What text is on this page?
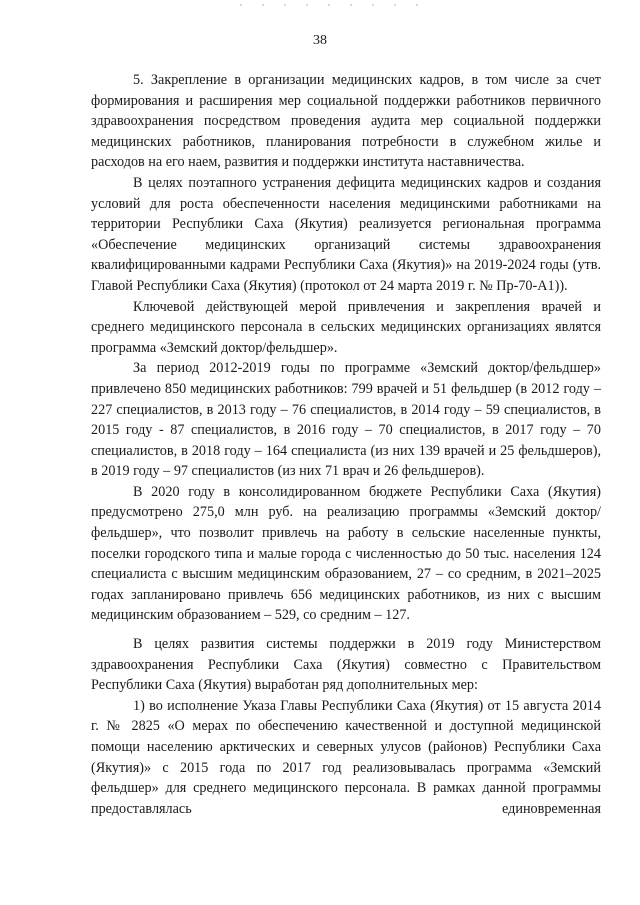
38

5. Закрепление в организации медицинских кадров, в том числе за счет формирования и расширения мер социальной поддержки работников первичного здравоохранения посредством проведения аудита мер социальной поддержки медицинских работников, планирования потребности в служебном жилье и расходов на его наем, развития и поддержки института наставничества.

В целях поэтапного устранения дефицита медицинских кадров и создания условий для роста обеспеченности населения медицинскими работниками на территории Республики Саха (Якутия) реализуется региональная программа «Обеспечение медицинских организаций системы здравоохранения квалифицированными кадрами Республики Саха (Якутия)» на 2019-2024 годы (утв. Главой Республики Саха (Якутия) (протокол от 24 марта 2019 г. № Пр-70-А1)).

Ключевой действующей мерой привлечения и закрепления врачей и среднего медицинского персонала в сельских медицинских организациях являтся программа «Земский доктор/фельдшер».

За период 2012-2019 годы по программе «Земский доктор/фельдшер» привлечено 850 медицинских работников: 799 врачей и 51 фельдшер (в 2012 году – 227 специалистов, в 2013 году – 76 специалистов, в 2014 году – 59 специалистов, в 2015 году - 87 специалистов, в 2016 году – 70 специалистов, в 2017 году – 70 специалистов, в 2018 году – 164 специалиста (из них 139 врачей и 25 фельдшеров), в 2019 году – 97 специалистов (из них 71 врач и 26 фельдшеров).

В 2020 году в консолидированном бюджете Республики Саха (Якутия) предусмотрено 275,0 млн руб. на реализацию программы «Земский доктор/фельдшер», что позволит привлечь на работу в сельские населенные пункты, поселки городского типа и малые города с численностью до 50 тыс. населения 124 специалиста с высшим медицинским образованием, 27 – со средним, в 2021–2025 годах запланировано привлечь 656 медицинских работников, из них с высшим медицинским образованием – 529, со средним – 127.

В целях развития системы поддержки в 2019 году Министерством здравоохранения Республики Саха (Якутия) совместно с Правительством Республики Саха (Якутия) выработан ряд дополнительных мер:

1) во исполнение Указа Главы Республики Саха (Якутия) от 15 августа 2014 г. № 2825 «О мерах по обеспечению качественной и доступной медицинской помощи населению арктических и северных улусов (районов) Республики Саха (Якутия)» с 2015 года по 2017 год реализовывалась программа «Земский фельдшер» для среднего медицинского персонала. В рамках данной программы предоставлялась единовременная
